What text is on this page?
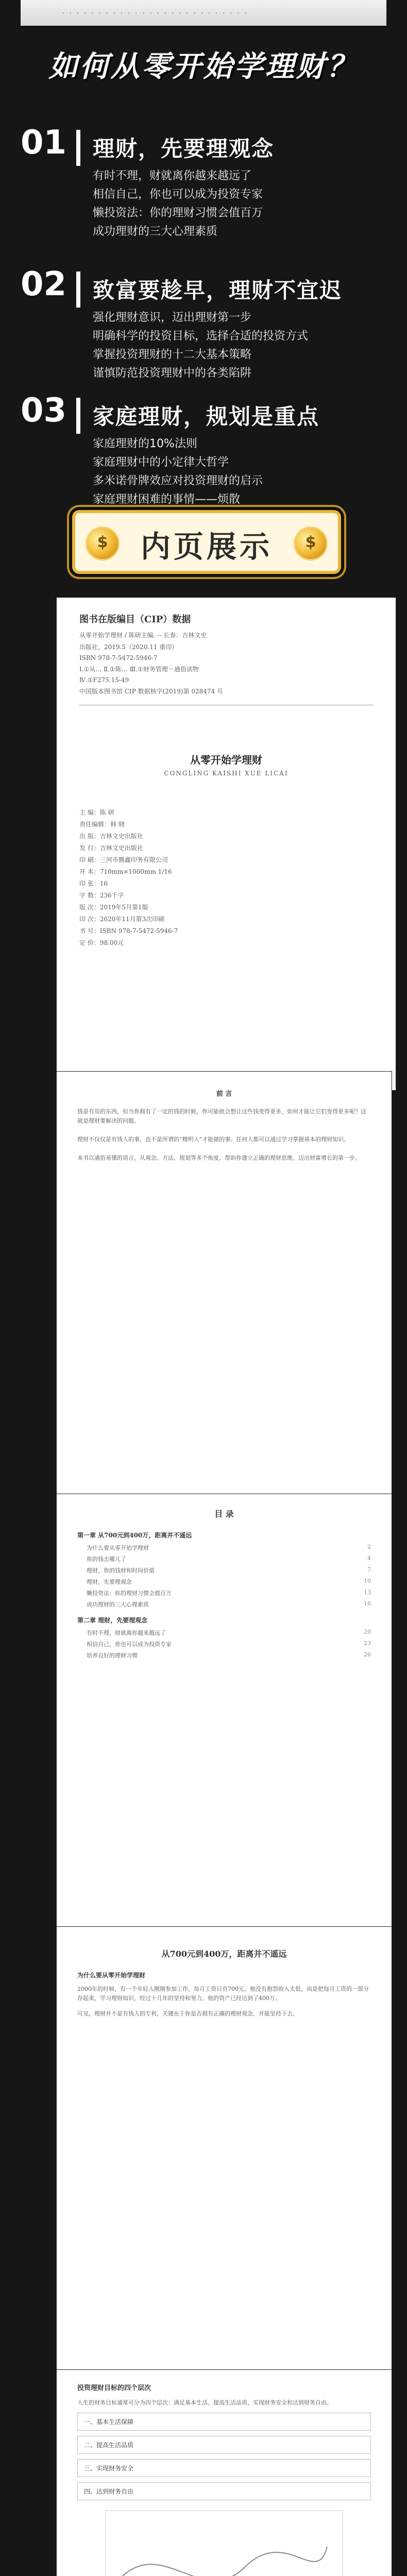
· · · · · · · · · · · · · · · · · · · · · · · · · ·
如何从零开始学理财？
01 理财，先要理观念
有时不理，财就离你越来越远了
相信自己，你也可以成为投资专家
懒投资法：你的理财习惯会值百万
成功理财的三大心理素质
02 致富要趁早，理财不宜迟
强化理财意识，迈出理财第一步
明确科学的投资目标，选择合适的投资方式
掌握投资理财的十二大基本策略
谨慎防范投资理财中的各类陷阱
03 家庭理财，规划是重点
家庭理财的10%法则
家庭理财中的小定律大哲学
多米诺骨牌效应对投资理财的启示
家庭理财困难的事情——烦散
$	内页展示	$
图书在版编目（CIP）数据
从零开始学理财 / 陈研主编. -- 长春：吉林文史
出版社，2019.5（2020.11 重印）
ISBN 978-7-5472-5946-7
Ⅰ.①从… Ⅱ.①陈… Ⅲ.①财务管理－通俗读物
Ⅳ.①F275.15-49
中国版本图书馆 CIP 数据核字(2019)第 028474 号
从零开始学理财
CONGLING KAISHI XUE LICAI
主 编：陈 研
责任编辑：韩 晓
出 版：吉林文史出版社
发 行：吉林文史出版社
印 刷：三河市腾鑫印务有限公司
开 本：710mm×1000mm 1/16
印 张：16
字 数：236千字
版 次：2019年5月第1版
印 次：2020年11月第3次印刷
书 号：ISBN 978-7-5472-5946-7
定 价：98.00元
前 言
钱是有用的东西，但当你拥有了一定的钱的时候，你可能就会想让这些钱变得更多，如何才能让它们变得更多呢？这就是理财要解决的问题。
理财不仅仅是有钱人的事，也不是所谓的“精明人”才能做的事。任何人都可以通过学习掌握基本的理财知识。
本书以通俗易懂的语言，从观念、方法、规划等多个角度，帮助你建立正确的理财思维，迈出财富增长的第一步。
目 录
第一章 从700元到400万，距离并不遥远
为什么要从零开始学理财	2
你的钱去哪儿了	4
理财，你的钱财和时间价值	7
理财，先要理观念	10
懒投资法：你的理财习惯会值百万	13
成功理财的三大心理素质	16
第二章 理财，先要理观念
有时不理，财就离你越来越远了	20
相信自己，你也可以成为投资专家	23
培养良好的理财习惯	26
从700元到400万，距离并不遥远
为什么要从零开始学理财
2000年的时候，有一个年轻人刚刚参加工作，每月工资只有700元。他没有抱怨收入太低，而是把每月工资的一部分存起来，学习理财知识，经过十几年的坚持和努力，他的资产已经达到了400万。
可见，理财并不是有钱人的专利，关键在于你是否拥有正确的理财观念，并能坚持下去。
投资理财目标的四个层次
人生的财务目标通常可分为四个层次：满足基本生活、提高生活品质、实现财务安全和达到财务自由。
一、基本生活保障
二、提高生活品质
三、实现财务安全
四、达到财务自由
